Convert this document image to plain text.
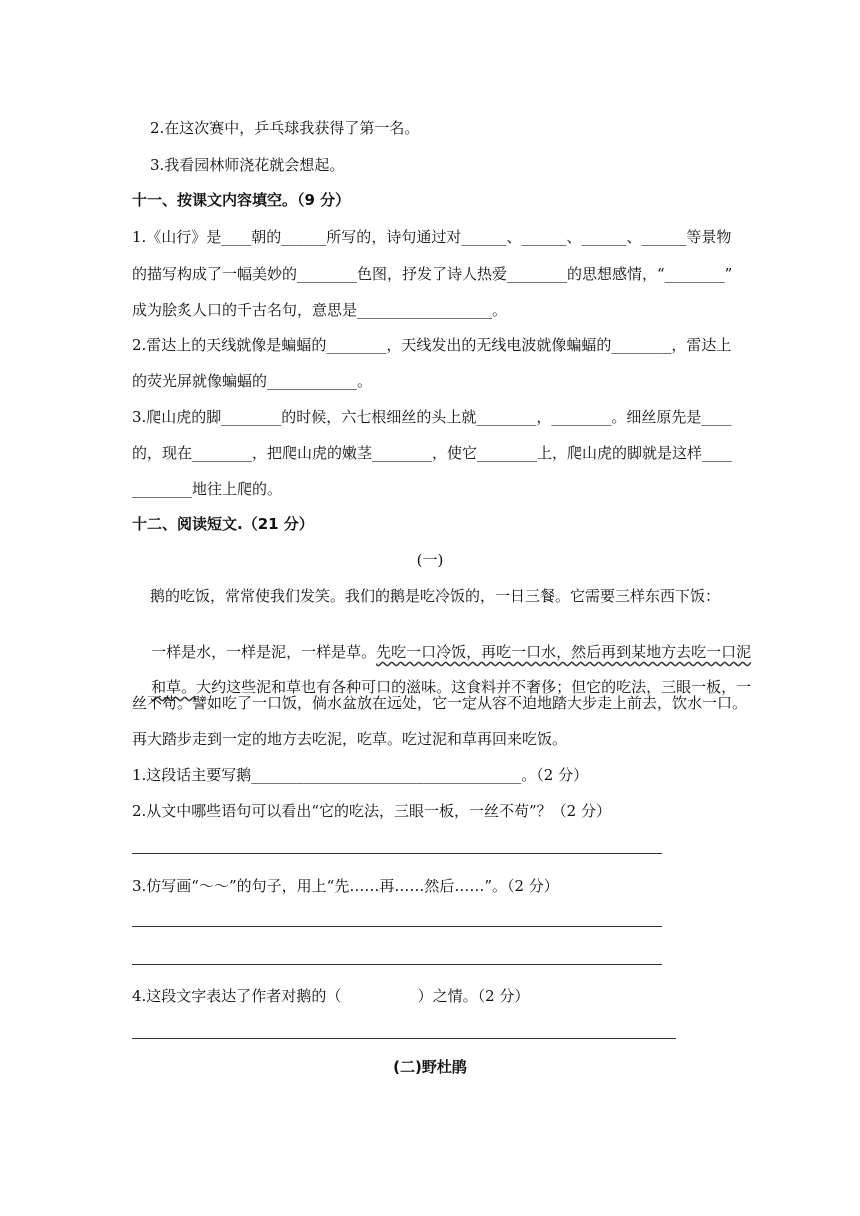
2.在这次赛中，乒乓球我获得了第一名。
3.我看园林师浇花就会想起。
十一、按课文内容填空。（9 分）
1.《山行》是____朝的______所写的，诗句通过对______、______、______、______等景物
的描写构成了一幅美妙的________色图，抒发了诗人热爱________的思想感情，“________”
成为脍炙人口的千古名句，意思是__________________。
2.雷达上的天线就像是蝙蝠的________，天线发出的无线电波就像蝙蝠的________，雷达上
的荧光屏就像蝙蝠的____________。
3.爬山虎的脚________的时候，六七根细丝的头上就________，________。细丝原先是____
的，现在________，把爬山虎的嫩茎________，使它________上，爬山虎的脚就是这样____
________地往上爬的。
十二、阅读短文.（21 分）
(一)
鹅的吃饭，常常使我们发笑。我们的鹅是吃冷饭的，一日三餐。它需要三样东西下饭：

一样是水，一样是泥，一样是草。先吃一口冷饭，再吃一口水，然后再到某地方去吃一口泥

和草。大约这些泥和草也有各种可口的滋味。这食料并不奢侈；但它的吃法，三眼一板，一

丝不苟。譬如吃了一口饭，倘水盆放在远处，它一定从容不迫地踏大步走上前去，饮水一口。
再大踏步走到一定的地方去吃泥，吃草。吃过泥和草再回来吃饭。
1.这段话主要写鹅____________________________________。（2 分）
2.从文中哪些语句可以看出“它的吃法，三眼一板，一丝不苟”？（2 分）
3.仿写画“～～”的句子，用上“先……再……然后……”。（2 分）
4.这段文字表达了作者对鹅的（                ）之情。（2 分）
(二)野杜鹃
